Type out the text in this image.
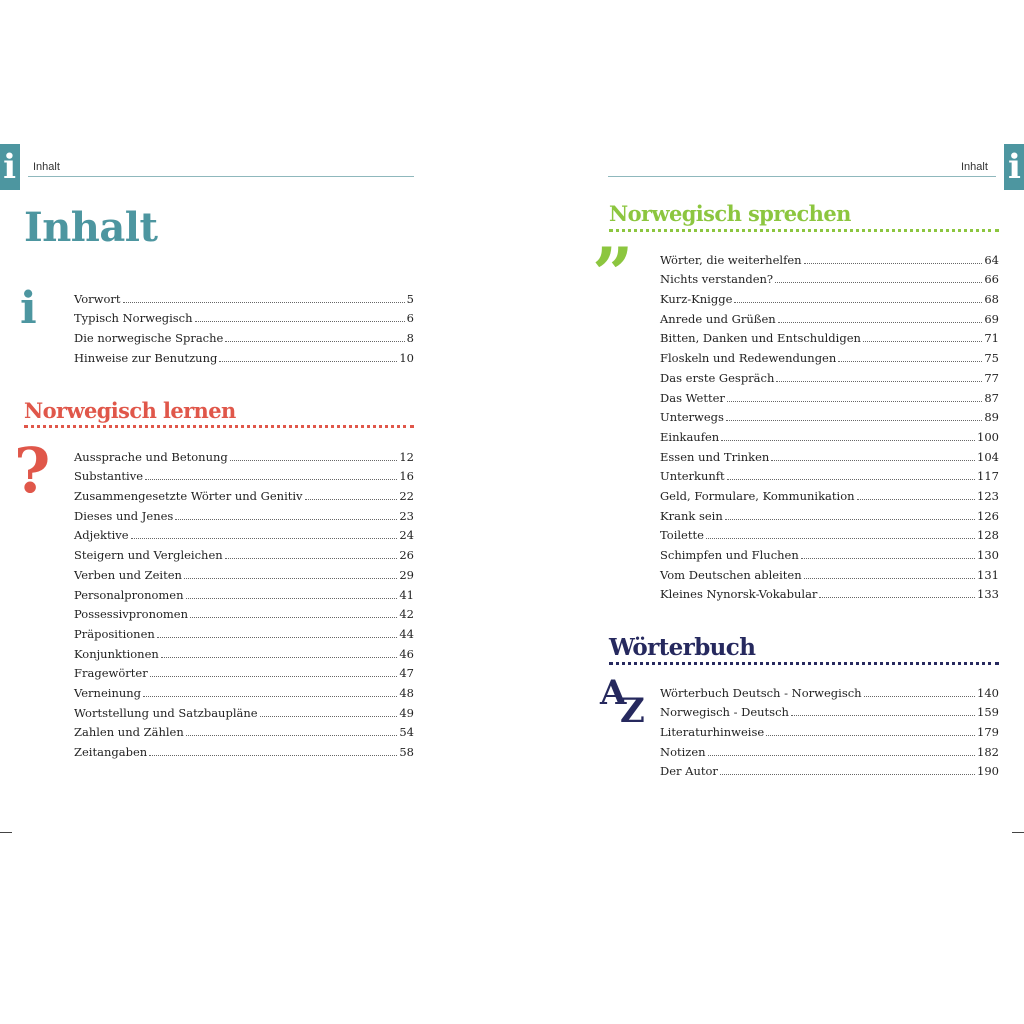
i	Inhalt
Inhalt
i	Vorwort	5
Typisch Norwegisch	6
Die norwegische Sprache	8
Hinweise zur Benutzung	10
Norwegisch lernen
? Aussprache und Betonung	12
Substantive	16
Zusammengesetzte Wörter und Genitiv	22
Dieses und Jenes	23
Adjektive	24
Steigern und Vergleichen	26
Verben und Zeiten	29
Personalpronomen	41
Possessivpronomen	42
Präpositionen	44
Konjunktionen	46
Fragewörter	47
Verneinung	48
Wortstellung und Satzbaupläne	49
Zahlen und Zählen	54
Zeitangaben	58
i
Inhalt
Norwegisch sprechen
” Wörter, die weiterhelfen	64
Nichts verstanden?	66
Kurz-Knigge	68
Anrede und Grüßen	69
Bitten, Danken und Entschuldigen	71
Floskeln und Redewendungen	75
Das erste Gespräch	77
Das Wetter	87
Unterwegs	89
Einkaufen	100
Essen und Trinken	104
Unterkunft	117
Geld, Formulare, Kommunikation	123
Krank sein	126
Toilette	128
Schimpfen und Fluchen	130
Vom Deutschen ableiten	131
Kleines Nynorsk-Vokabular	133
Wörterbuch
A
Z Wörterbuch Deutsch - Norwegisch	140
Norwegisch - Deutsch	159
Literaturhinweise	179
Notizen	182
Der Autor	190
